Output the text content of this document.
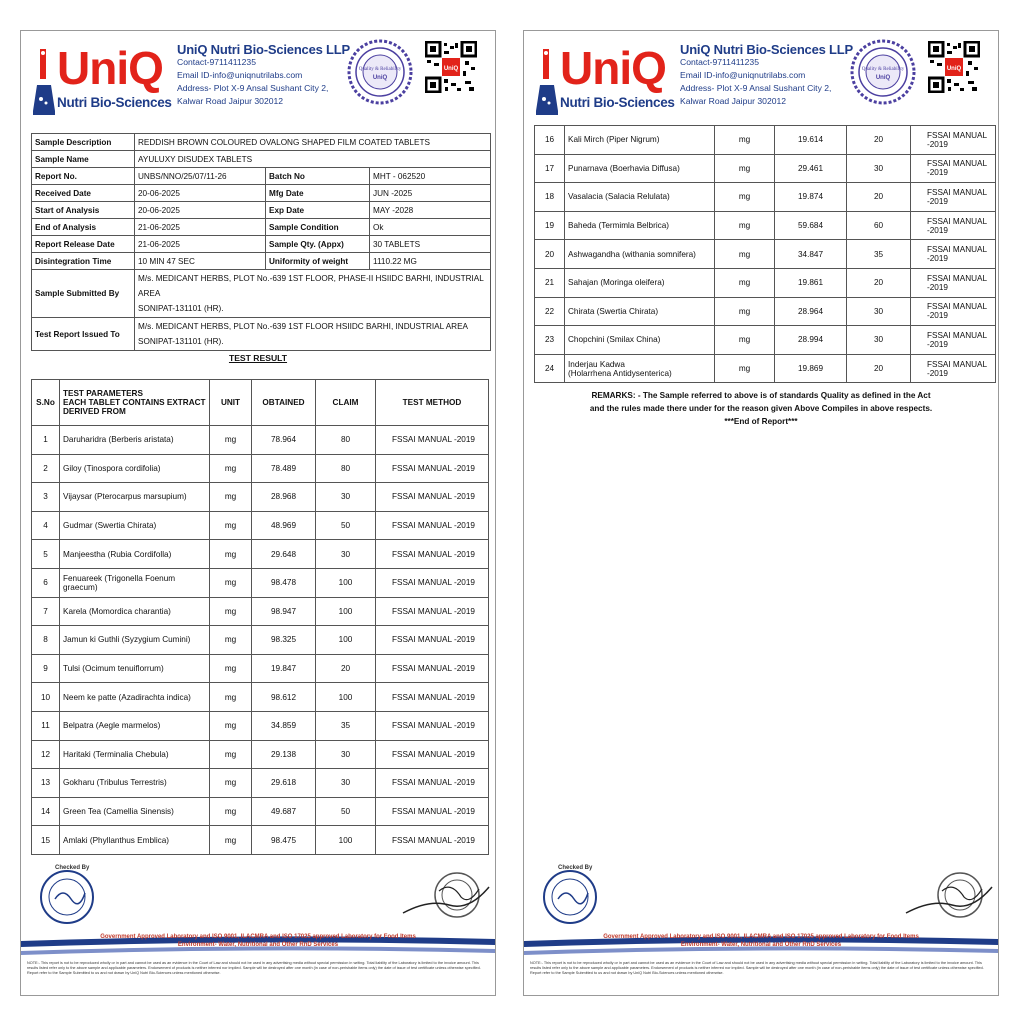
UniQ
Nutri Bio-Sciences
UniQ Nutri Bio-Sciences LLP
Contact-9711411235
Email ID-info@uniqnutrilabs.com
Address- Plot X-9 Ansal Sushant City 2,
Kalwar Road Jaipur 302012
Quality & Reliability
UniQ
UniQ
Sample Description	REDDISH BROWN COLOURED OVALONG SHAPED FILM COATED TABLETS		
Sample Name	AYULUXY DISUDEX TABLETS		
Report No.	UNBS/NNO/25/07/11-26	Batch No	MHT - 062520
Received Date	20-06-2025	Mfg Date	JUN -2025
Start of Analysis	20-06-2025	Exp Date	MAY -2028
End of Analysis	21-06-2025	Sample Condition	Ok
Report Release Date	21-06-2025	Sample Qty. (Appx)	30 TABLETS
Disintegration Time	10 MIN 47 SEC	Uniformity of weight	1110.22 MG
Sample Submitted By	M/s. MEDICANT HERBS, PLOT No.-639 1ST FLOOR, PHASE-II HSIIDC BARHI, INDUSTRIAL AREA
SONIPAT-131101 (HR).		

Test Report Issued To	M/s. MEDICANT HERBS, PLOT No.-639 1ST FLOOR HSIIDC BARHI, INDUSTRIAL AREA
SONIPAT-131101 (HR).		
TEST RESULT
S.No	TEST PARAMETERS
EACH TABLET CONTAINS EXTRACT
DERIVED FROM	UNIT	OBTAINED	CLAIM	TEST METHOD
1	Daruharidra (Berberis aristata)	mg	78.964	80	FSSAI MANUAL -2019
2	Giloy (Tinospora cordifolia)	mg	78.489	80	FSSAI MANUAL -2019
3	Vijaysar (Pterocarpus marsupium)	mg	28.968	30	FSSAI MANUAL -2019
4	Gudmar (Swertia Chirata)	mg	48.969	50	FSSAI MANUAL -2019
5	Manjeestha (Rubia Cordifolla)	mg	29.648	30	FSSAI MANUAL -2019
6	Fenuareek (Trigonella Foenum graecum)	mg	98.478	100	FSSAI MANUAL -2019
7	Karela (Momordica charantia)	mg	98.947	100	FSSAI MANUAL -2019
8	Jamun ki Guthli (Syzygium Cumini)	mg	98.325	100	FSSAI MANUAL -2019
9	Tulsi (Ocimum tenuiflorrum)	mg	19.847	20	FSSAI MANUAL -2019
10	Neem ke patte (Azadirachta indica)	mg	98.612	100	FSSAI MANUAL -2019
11	Belpatra (Aegle marmelos)	mg	34.859	35	FSSAI MANUAL -2019
12	Haritaki (Terminalia Chebula)	mg	29.138	30	FSSAI MANUAL -2019
13	Gokharu (Tribulus Terrestris)	mg	29.618	30	FSSAI MANUAL -2019
14	Green Tea (Camellia Sinensis)	mg	49.687	50	FSSAI MANUAL -2019
15	Amlaki (Phyllanthus Emblica)	mg	98.475	100	FSSAI MANUAL -2019
Checked By
Government Approved Laboratory and ISO 9001, ILACMRA and ISO 17025 approved Laboratory for Food Items
Environment- Water, Nutritional and Other RnD Services
NOTE:- This report is not to be reproduced wholly or in part and cannot be used as an evidence in the Court of Law and should not be used in any advertising media without special permission in writing. Total liability of the Laboratory is limited to the invoice amount. This results listed refer only to the above sample and applicable parameters. Endorsement of products is neither inferred nor implied. Sample will be destroyed after one month (in case of non-perishable items only) the date of issue of test certificate unless otherwise specified. Report refer to the Sample Submitted to us and not drawn by UniQ Nutri Bio-Sciences unless mentioned otherwise.
UniQ
Nutri Bio-Sciences
UniQ Nutri Bio-Sciences LLP
Contact-9711411235
Email ID-info@uniqnutrilabs.com
Address- Plot X-9 Ansal Sushant City 2,
Kalwar Road Jaipur 302012
Quality & Reliability
UniQ
UniQ
16	Kali Mirch (Piper Nigrum)	mg	19.614	20	FSSAI MANUAL -2019
17	Punarnava (Boerhavia Diffusa)	mg	29.461	30	FSSAI MANUAL -2019
18	Vasalacia (Salacia Relulata)	mg	19.874	20	FSSAI MANUAL -2019
19	Baheda (Termimla Belbrica)	mg	59.684	60	FSSAI MANUAL -2019
20	Ashwagandha (withania somnifera)	mg	34.847	35	FSSAI MANUAL -2019
21	Sahajan (Moringa oleifera)	mg	19.861	20	FSSAI MANUAL -2019
22	Chirata (Swertia Chirata)	mg	28.964	30	FSSAI MANUAL -2019
23	Chopchini (Smilax China)	mg	28.994	30	FSSAI MANUAL -2019
24	Inderjau Kadwa
(Holarrhena Antidysenterica)	mg	19.869	20	FSSAI MANUAL -2019
REMARKS: - The Sample referred to above is of standards Quality as defined in the Act
and the rules made there under for the reason given Above Compiles in above respects.
***End of Report***
Checked By
Government Approved Laboratory and ISO 9001, ILACMRA and ISO 17025 approved Laboratory for Food Items
Environment- Water, Nutritional and Other RnD Services
NOTE:- This report is not to be reproduced wholly or in part and cannot be used as an evidence in the Court of Law and should not be used in any advertising media without special permission in writing. Total liability of the Laboratory is limited to the invoice amount. This results listed refer only to the above sample and applicable parameters. Endorsement of products is neither inferred nor implied. Sample will be destroyed after one month (in case of non-perishable items only) the date of issue of test certificate unless otherwise specified. Report refer to the Sample Submitted to us and not drawn by UniQ Nutri Bio-Sciences unless mentioned otherwise.
